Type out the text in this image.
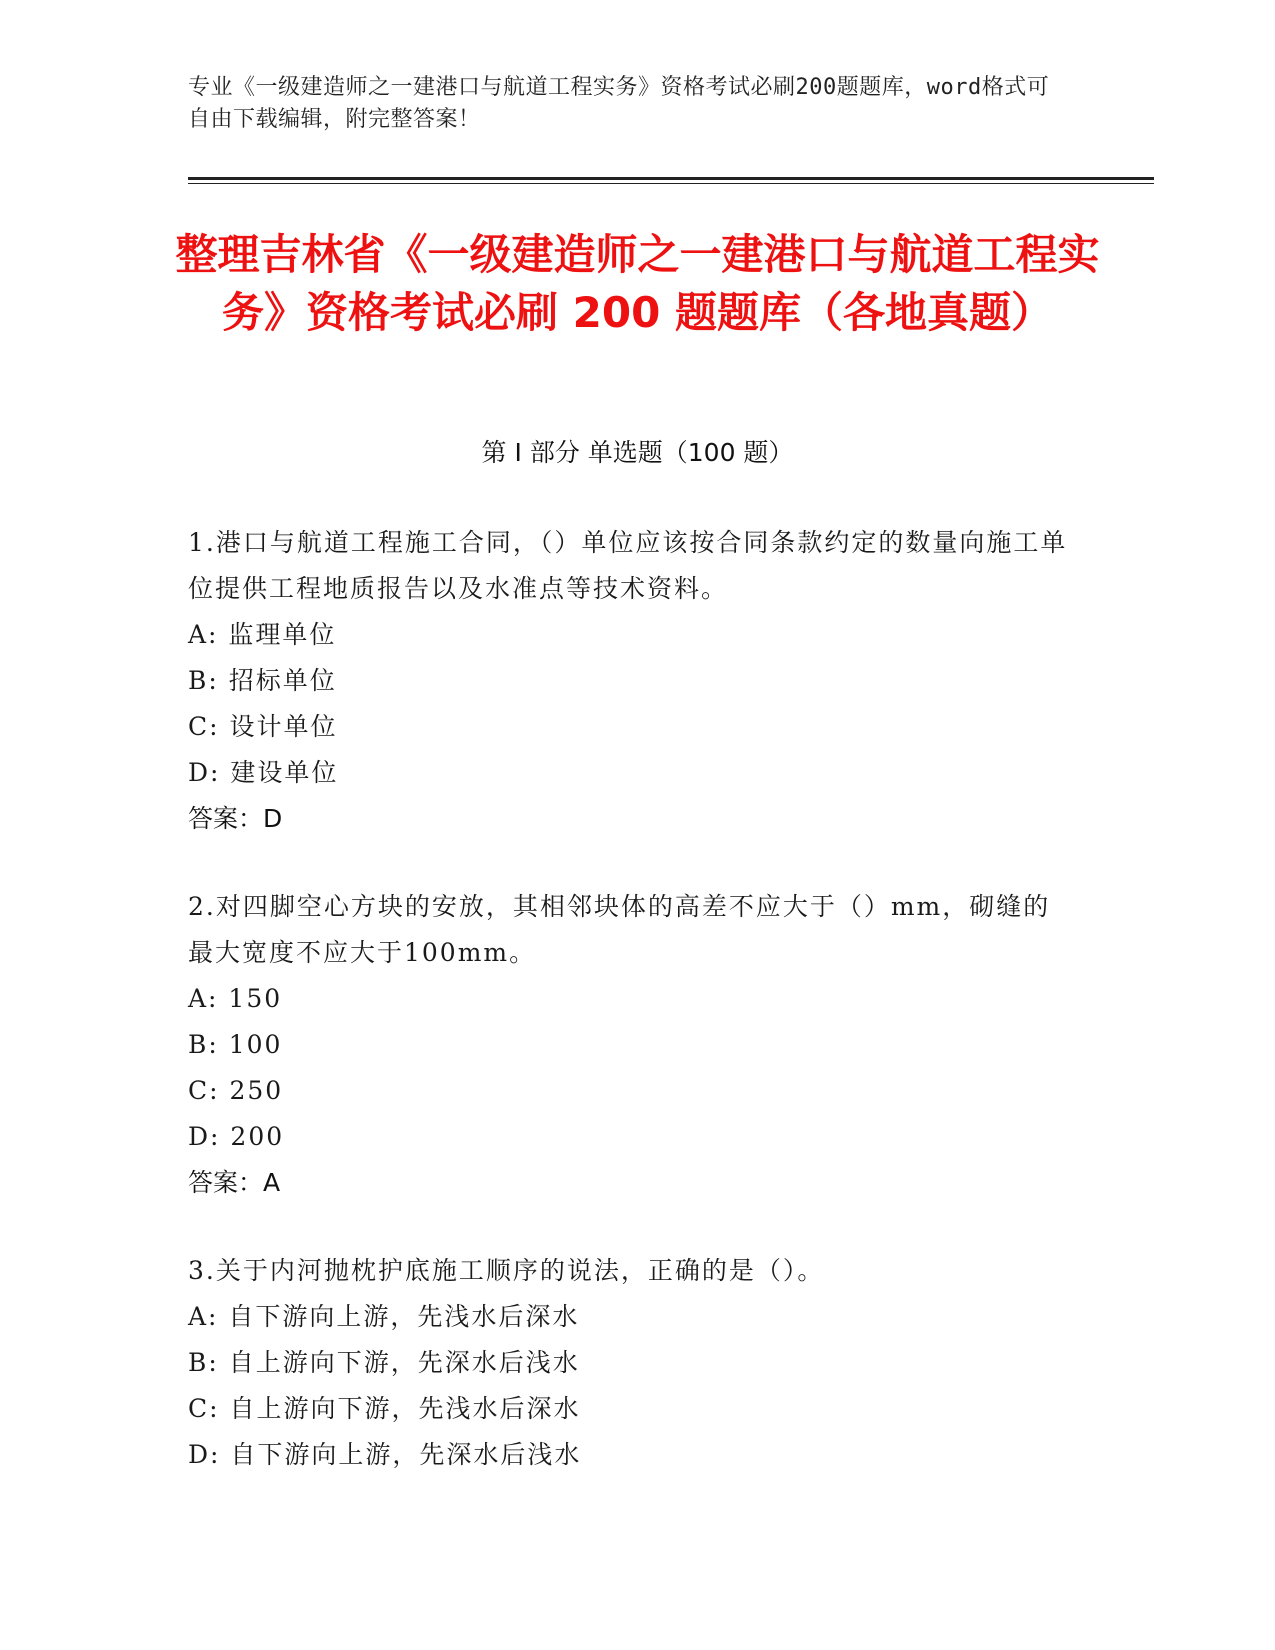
专业《一级建造师之一建港口与航道工程实务》资格考试必刷200题题库，word格式可自由下载编辑，附完整答案！
整理吉林省《一级建造师之一建港口与航道工程实务》资格考试必刷 200 题题库（各地真题）
第 I 部分 单选题（100 题）

1.港口与航道工程施工合同，（）单位应该按合同条款约定的数量向施工单位提供工程地质报告以及水准点等技术资料。

A: 监理单位

B: 招标单位

C: 设计单位

D: 建设单位

答案：D

2.对四脚空心方块的安放，其相邻块体的高差不应大于（）mm，砌缝的最大宽度不应大于100mm。

A: 150

B: 100

C: 250

D: 200

答案：A

3.关于内河抛枕护底施工顺序的说法，正确的是（）。

A: 自下游向上游，先浅水后深水

B: 自上游向下游，先深水后浅水

C: 自上游向下游，先浅水后深水

D: 自下游向上游，先深水后浅水
